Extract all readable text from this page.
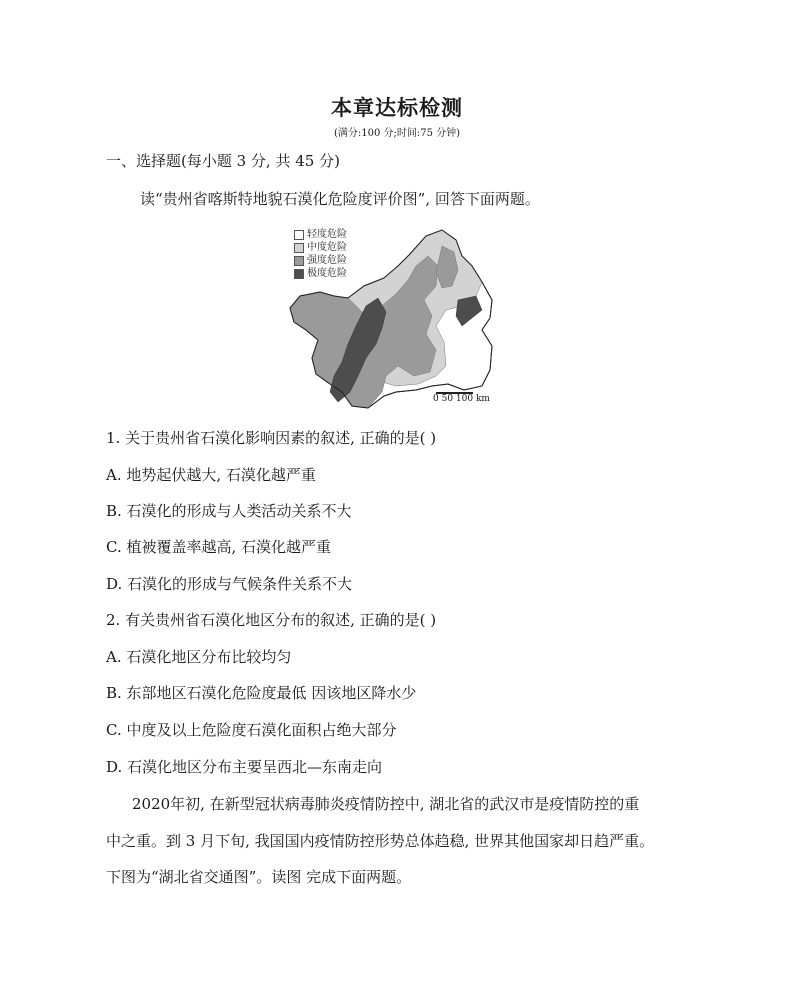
本章达标检测
(满分:100 分;时间:75 分钟)
一、选择题(每小题 3 分, 共 45 分)
读“贵州省喀斯特地貌石漠化危险度评价图”, 回答下面两题。
轻度危险
中度危险
强度危险
极度危险
0 50 100 km
1. 关于贵州省石漠化影响因素的叙述, 正确的是( )
A. 地势起伏越大, 石漠化越严重
B. 石漠化的形成与人类活动关系不大
C. 植被覆盖率越高, 石漠化越严重
D. 石漠化的形成与气候条件关系不大
2. 有关贵州省石漠化地区分布的叙述, 正确的是( )
A. 石漠化地区分布比较均匀
B. 东部地区石漠化危险度最低 因该地区降水少
C. 中度及以上危险度石漠化面积占绝大部分
D. 石漠化地区分布主要呈西北—东南走向
2020年初, 在新型冠状病毒肺炎疫情防控中, 湖北省的武汉市是疫情防控的重
中之重。到 3 月下旬, 我国国内疫情防控形势总体趋稳, 世界其他国家却日趋严重。
下图为“湖北省交通图”。读图 完成下面两题。
